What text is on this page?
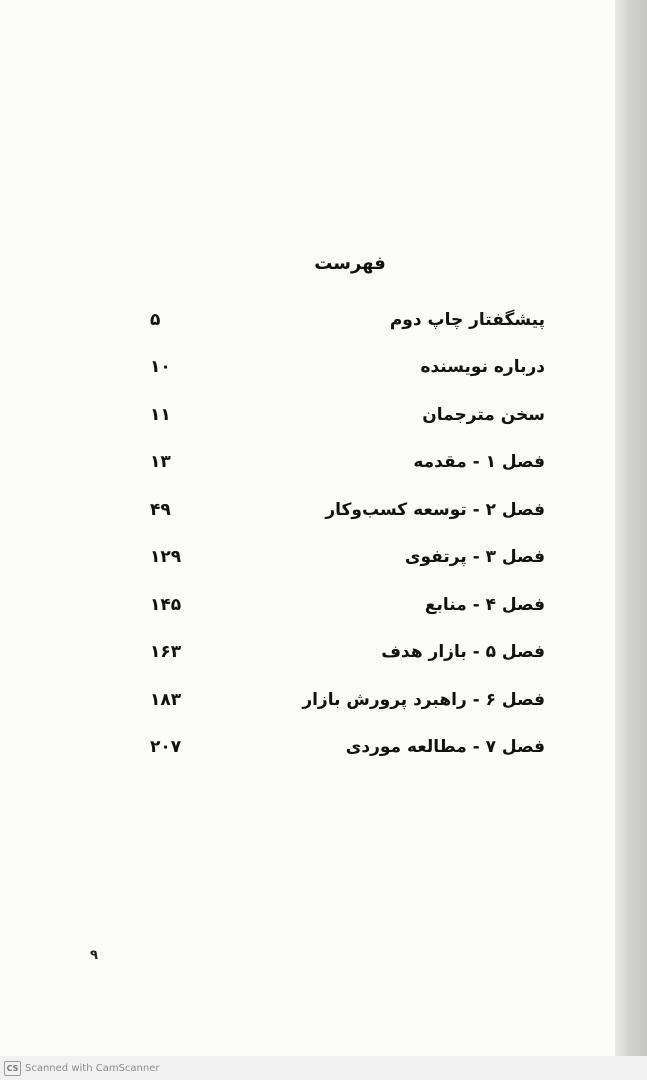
فهرست
۵	پیشگفتار چاپ دوم
۱۰	درباره نویسنده
۱۱	سخن مترجمان
۱۳	فصل ۱ - مقدمه
۴۹	فصل ۲ - توسعه کسب‌وکار
۱۲۹	فصل ۳ - پرتفوی
۱۴۵	فصل ۴ - منابع
۱۶۳	فصل ۵ - بازار هدف
۱۸۳	فصل ۶ - راهبرد پرورش بازار
۲۰۷	فصل ۷ - مطالعه موردی
۹
CS Scanned with CamScanner
